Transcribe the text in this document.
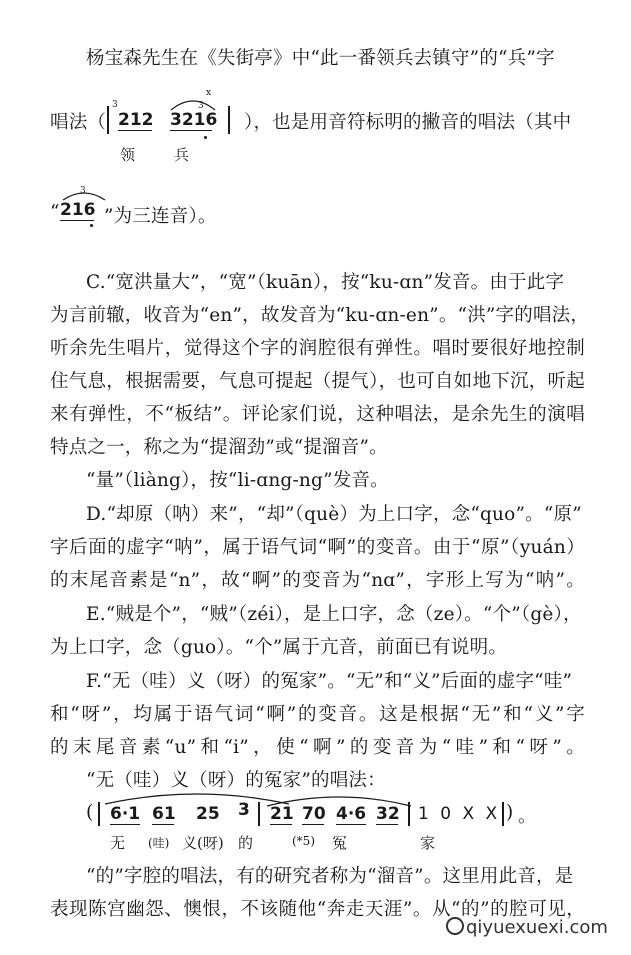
杨宝森先生在《失街亭》中“此一番领兵去镇守”的“兵”字
唱法（
3
212 3216
x
3
领	兵
），也是用音符标明的撇音的唱法（其中
“
3
216 ”为三连音）。
C.“宽洪量大”，“宽”（kuān），按“ku-ɑn”发音。由于此字
为言前辙，收音为“en”，故发音为“ku-ɑn-en”。“洪”字的唱法，
听余先生唱片，觉得这个字的润腔很有弹性。唱时要很好地控制
住气息，根据需要，气息可提起（提气），也可自如地下沉，听起
来有弹性，不“板结”。评论家们说，这种唱法，是余先生的演唱
特点之一，称之为“提溜劲”或“提溜音”。
“量”（liàng），按“li-ɑng-ng”发音。
D.“却原（呐）来”，“却”（què）为上口字，念“quo”。“原”
字后面的虚字“呐”，属于语气词“啊”的变音。由于“原”（yuán）
的末尾音素是“n”，故“啊”的变音为“nɑ”，字形上写为“呐”。
E.“贼是个”，“贼”（zéi），是上口字，念（ze）。“个”（gè），
为上口字，念（guo）。“个”属于亢音，前面已有说明。
F.“无（哇）义（呀）的冤家”。“无”和“义”后面的虚字“哇”
和“呀”，均属于语气词“啊”的变音。这是根据“无”和“义”字
的末尾音素“u”和“i”，使“啊”的变音为“哇”和“呀”。
“无（哇）义（呀）的冤家”的唱法：
( 6·1 61 25 3 21 70 4·6 32 1 0 X X ) 。
无 (哇) 义(呀) 的	(*5) 冤	家
“的”字腔的唱法，有的研究者称为“溜音”。这里用此音，是
表现陈宫幽怨、懊恨，不该随他“奔走天涯”。从“的”的腔可见，
qiyuexuexi.com
